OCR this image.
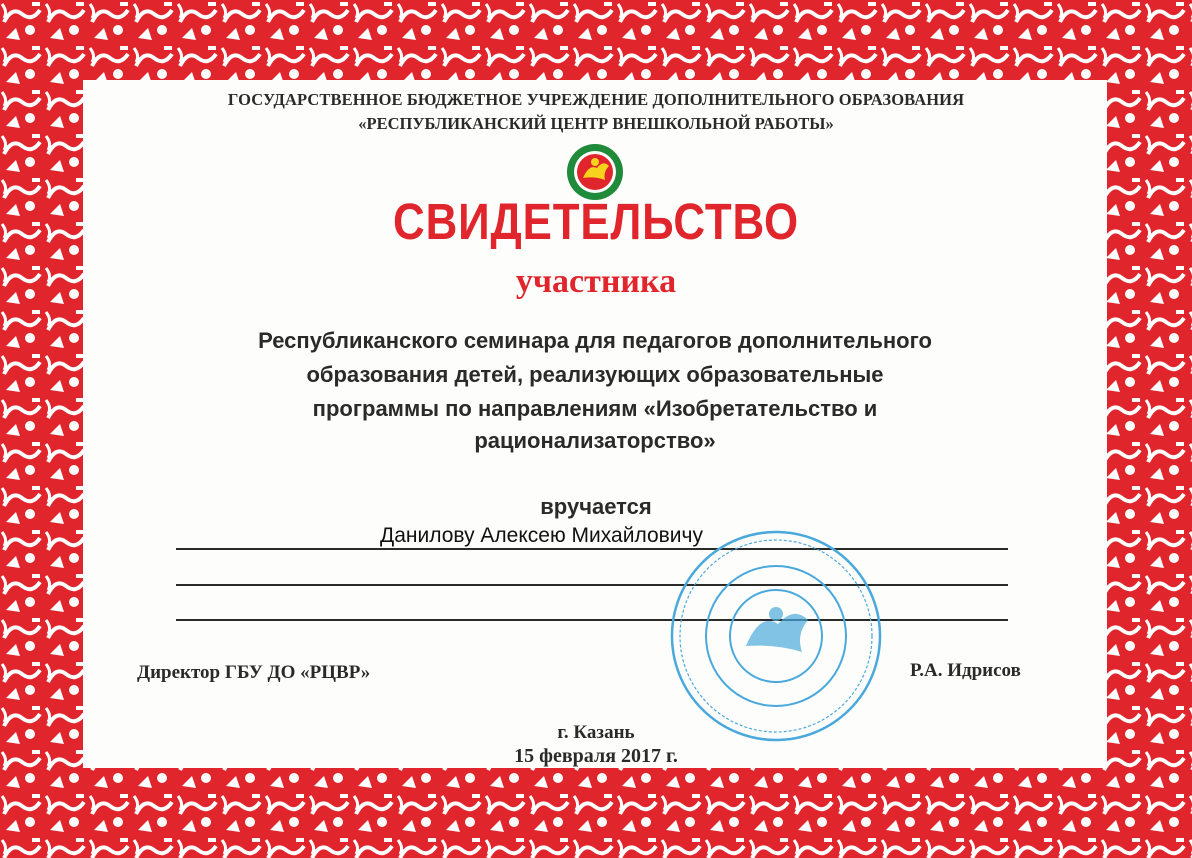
ГОСУДАРСТВЕННОЕ БЮДЖЕТНОЕ УЧРЕЖДЕНИЕ ДОПОЛНИТЕЛЬНОГО ОБРАЗОВАНИЯ
«РЕСПУБЛИКАНСКИЙ ЦЕНТР ВНЕШКОЛЬНОЙ РАБОТЫ»
СВИДЕТЕЛЬСТВО
участника
Республиканского семинара для педагогов дополнительного
образования детей, реализующих образовательные
программы по направлениям «Изобретательство и
рационализаторство»
вручается
Данилову Алексею Михайловичу
Директор ГБУ ДО «РЦВР»	Р.А. Идрисов
г. Казань
15 февраля 2017 г.
